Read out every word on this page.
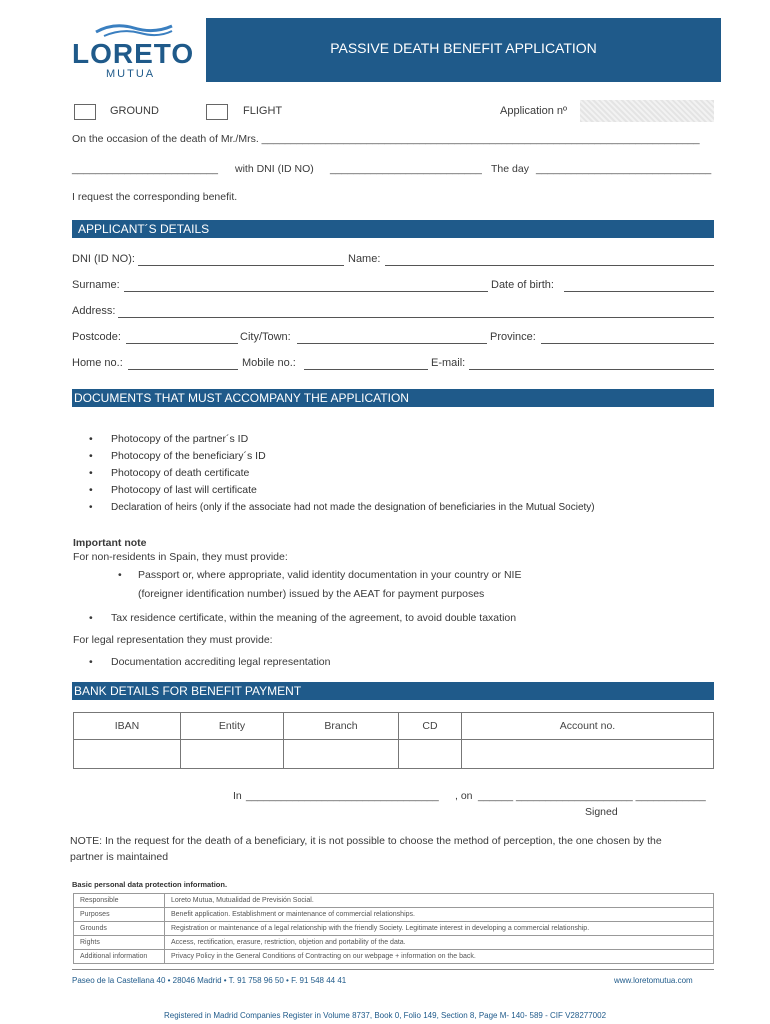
LORETO
MUTUA
PASSIVE DEATH BENEFIT APPLICATION
GROUND	FLIGHT	Application nº
On the occasion of the death of Mr./Mrs. ___________________________________________________________________________
_________________________ with DNI (ID NO) __________________________ The day ______________________________
I request the corresponding benefit.
APPLICANT´S DETAILS
DNI (ID NO):	Name:
Surname:	Date of birth:
Address:
Postcode:	City/Town:	Province:
Home no.:	Mobile no.:	E-mail:
DOCUMENTS THAT MUST ACCOMPANY THE APPLICATION
• Photocopy of the partner´s ID
• Photocopy of the beneficiary´s ID
• Photocopy of death certificate
• Photocopy of last will certificate
• Declaration of heirs (only if the associate had not made the designation of beneficiaries in the Mutual Society)
Important note
For non-residents in Spain, they must provide:
• Passport or, where appropriate, valid identity documentation in your country or NIE
(foreigner identification number) issued by the AEAT for payment purposes
• Tax residence certificate, within the meaning of the agreement, to avoid double taxation
For legal representation they must provide:
• Documentation accrediting legal representation
BANK DETAILS FOR BENEFIT PAYMENT
IBAN	Entity	Branch	CD	Account no.

In _________________________________ , on ______ ____________________ ____________
Signed
NOTE: In the request for the death of a beneficiary, it is not possible to choose the method of perception, the one chosen by the
partner is maintained
Basic personal data protection information.
Responsible	Loreto Mutua, Mutualidad de Previsión Social.
Purposes	Benefit application. Establishment or maintenance of commercial relationships.
Grounds	Registration or maintenance of a legal relationship with the friendly Society. Legitimate interest in developing a commercial relationship.
Rights	Access, rectification, erasure, restriction, objetion and portability of the data.
Additional information	Privacy Policy in the General Conditions of Contracting on our webpage + information on the back.
Paseo de la Castellana 40 • 28046 Madrid • T. 91 758 96 50 • F. 91 548 44 41	www.loretomutua.com
Registered in Madrid Companies Register in Volume 8737, Book 0, Folio 149, Section 8, Page M- 140- 589 - CIF V28277002
